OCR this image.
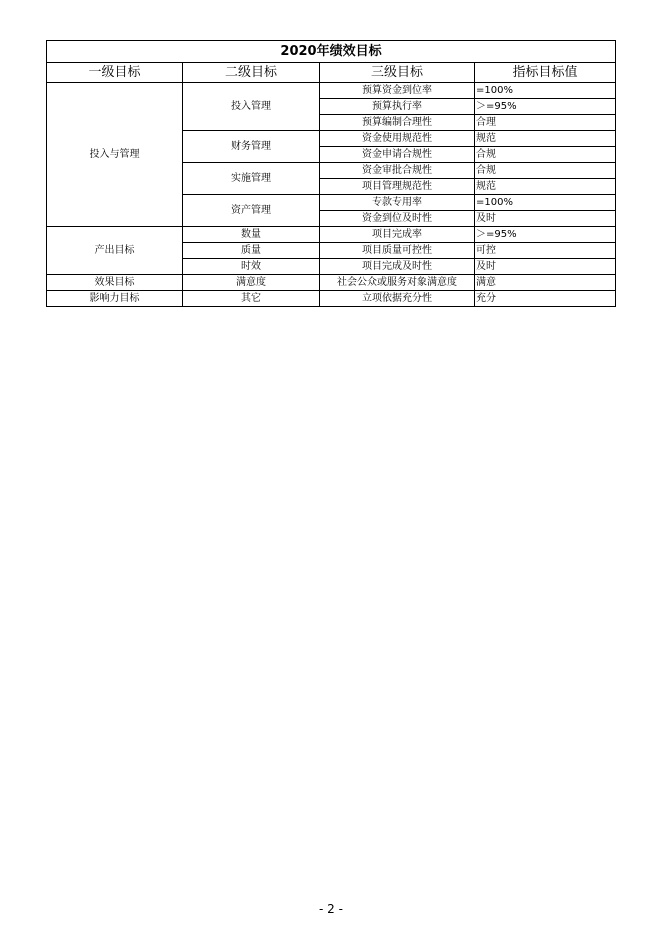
2020年绩效目标			
一级目标	二级目标	三级目标	指标目标值
投入与管理	投入管理	预算资金到位率	=100%
		预算执行率	＞=95%
		预算编制合理性	合理
	财务管理	资金使用规范性	规范
		资金申请合规性	合规
	实施管理	资金审批合规性	合规
		项目管理规范性	规范
	资产管理	专款专用率	=100%
		资金到位及时性	及时
产出目标	数量	项目完成率	＞=95%
	质量	项目质量可控性	可控
	时效	项目完成及时性	及时
效果目标	满意度	社会公众或服务对象满意度	满意
影响力目标	其它	立项依据充分性	充分
- 2 -
